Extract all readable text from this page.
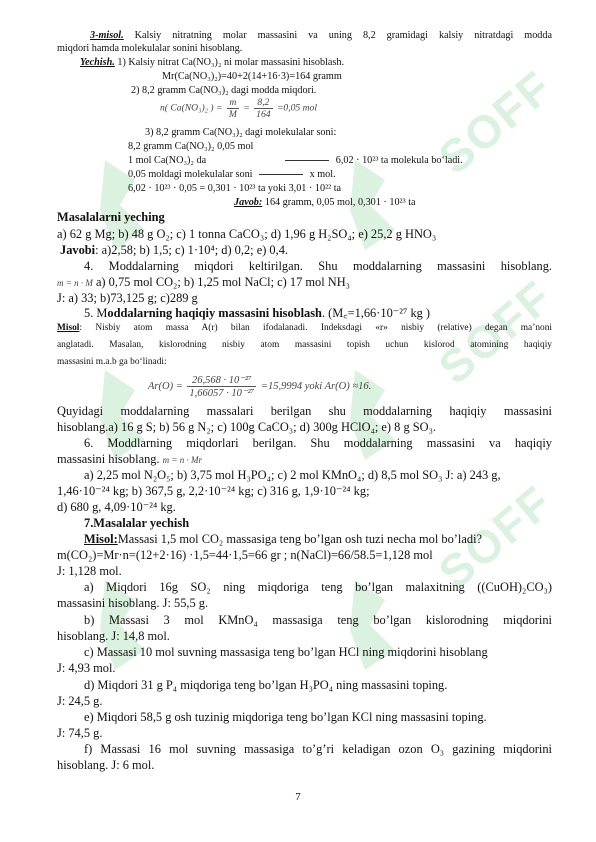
SOFF
SOFF
SOFF
3-misol. Kalsiy nitratning molar massasini va uning 8,2 gramidagi kalsiy nitratdagi modda
miqdori hamda molekulalar sonini hisoblang.
Yechish. 1) Kalsiy nitrat Ca(NO₃)₂ ni molar massasini hisoblash.
Mr(Ca(NO₃)₂)=40+2(14+16·3)=164 gramm
2) 8,2 gramm Ca(NO₃)₂ dagi modda miqdori.
n( Ca(NO₃)₂ ) = $\frac{m}{M} = \frac{8,2}{164} =0,05$ mol
3) 8,2 gramm Ca(NO₃)₂ dagi molekulalar soni:
8,2 gramm Ca(NO₃)₂ 0,05 mol
1 mol Ca(NO₃)₂ da	6,02 · 10²³ ta molekula bo‘ladi.
0,05 moldagi molekulalar soni	x mol.
6,02 · 10²³ · 0,05 = 0,301 · 10²³ ta yoki 3,01 · 10²² ta
Javob: 164 gramm, 0,05 mol, 0,301 · 10²³ ta
Masalalarni yeching
a) 62 g Mg; b) 48 g O₂; c) 1 tonna CaCO₃; d) 1,96 g H₂SO₄; e) 25,2 g HNO₃
Javobi: a)2,58; b) 1,5; c) 1·10⁴; d) 0,2; e) 0,4.
4. Moddalarning miqdori keltirilgan. Shu moddalarning massasini hisoblang.
m = n · M a) 0,75 mol CO₂; b) 1,25 mol NaCl; c) 17 mol NH₃
J: a) 33; b)73,125 g; c)289 g
5. Moddalarning haqiqiy massasini hisoblash. (M꜀=1,66·10⁻²⁷ kg )
Misol: Nisbiy atom massa A(r) bilan ifodalanadi. Indeksdagi «r» nisbiy (relative) degan ma’noni
anglatadi. Masalan, kislorodning nisbiy atom massasini topish uchun kislorod atomining haqiqiy
massasini m.a.b ga bo‘linadi:
$Ar(O) = \frac{\text{26,568 · 10⁻²⁷}}{\text{1,66057 · 10⁻²⁷}} =15,9994$ yoki Ar(O) ≈16.
Quyidagi moddalarning massalari berilgan shu moddalarning haqiqiy massasini
hisoblang.a) 16 g S; b) 56 g N₂; c) 100g CaCO₃; d) 300g HClO₄; e) 8 g SO₃.
6. Moddlarning miqdorlari berilgan. Shu moddalarning massasini va haqiqiy
massasini hisoblang. m = n · Mr
a) 2,25 mol N₂O₅; b) 3,75 mol H₃PO₄; c) 2 mol KMnO₄; d) 8,5 mol SO₃ J: a) 243 g,
1,46·10⁻²⁴ kg; b) 367,5 g, 2,2·10⁻²⁴ kg; c) 316 g, 1,9·10⁻²⁴ kg;
d) 680 g, 4,09·10⁻²⁴ kg.
7.Masalalar yechish
Misol:Massasi 1,5 mol CO₂ massasiga teng bo’lgan osh tuzi necha mol bo’ladi?
m(CO₂)=Mr·n=(12+2·16) ·1,5=44·1,5=66 gr ; n(NaCl)=66/58.5=1,128 mol
J: 1,128 mol.
a) Miqdori 16g SO₂ ning miqdoriga teng bo’lgan malaxitning ((CuOH)₂CO₃)
massasini hisoblang. J: 55,5 g.
b) Massasi 3 mol KMnO₄ massasiga teng bo’lgan kislorodning miqdorini
hisoblang. J: 14,8 mol.
c) Massasi 10 mol suvning massasiga teng bo’lgan HCl ning miqdorini hisoblang
J: 4,93 mol.
d) Miqdori 31 g P₄ miqdoriga teng bo’lgan H₃PO₄ ning massasini toping.
J: 24,5 g.
e) Miqdori 58,5 g osh tuzinig miqdoriga teng bo’lgan KCl ning massasini toping.
J: 74,5 g.
f) Massasi 16 mol suvning massasiga to’g’ri keladigan ozon O₃ gazining miqdorini
hisoblang. J: 6 mol.
7
